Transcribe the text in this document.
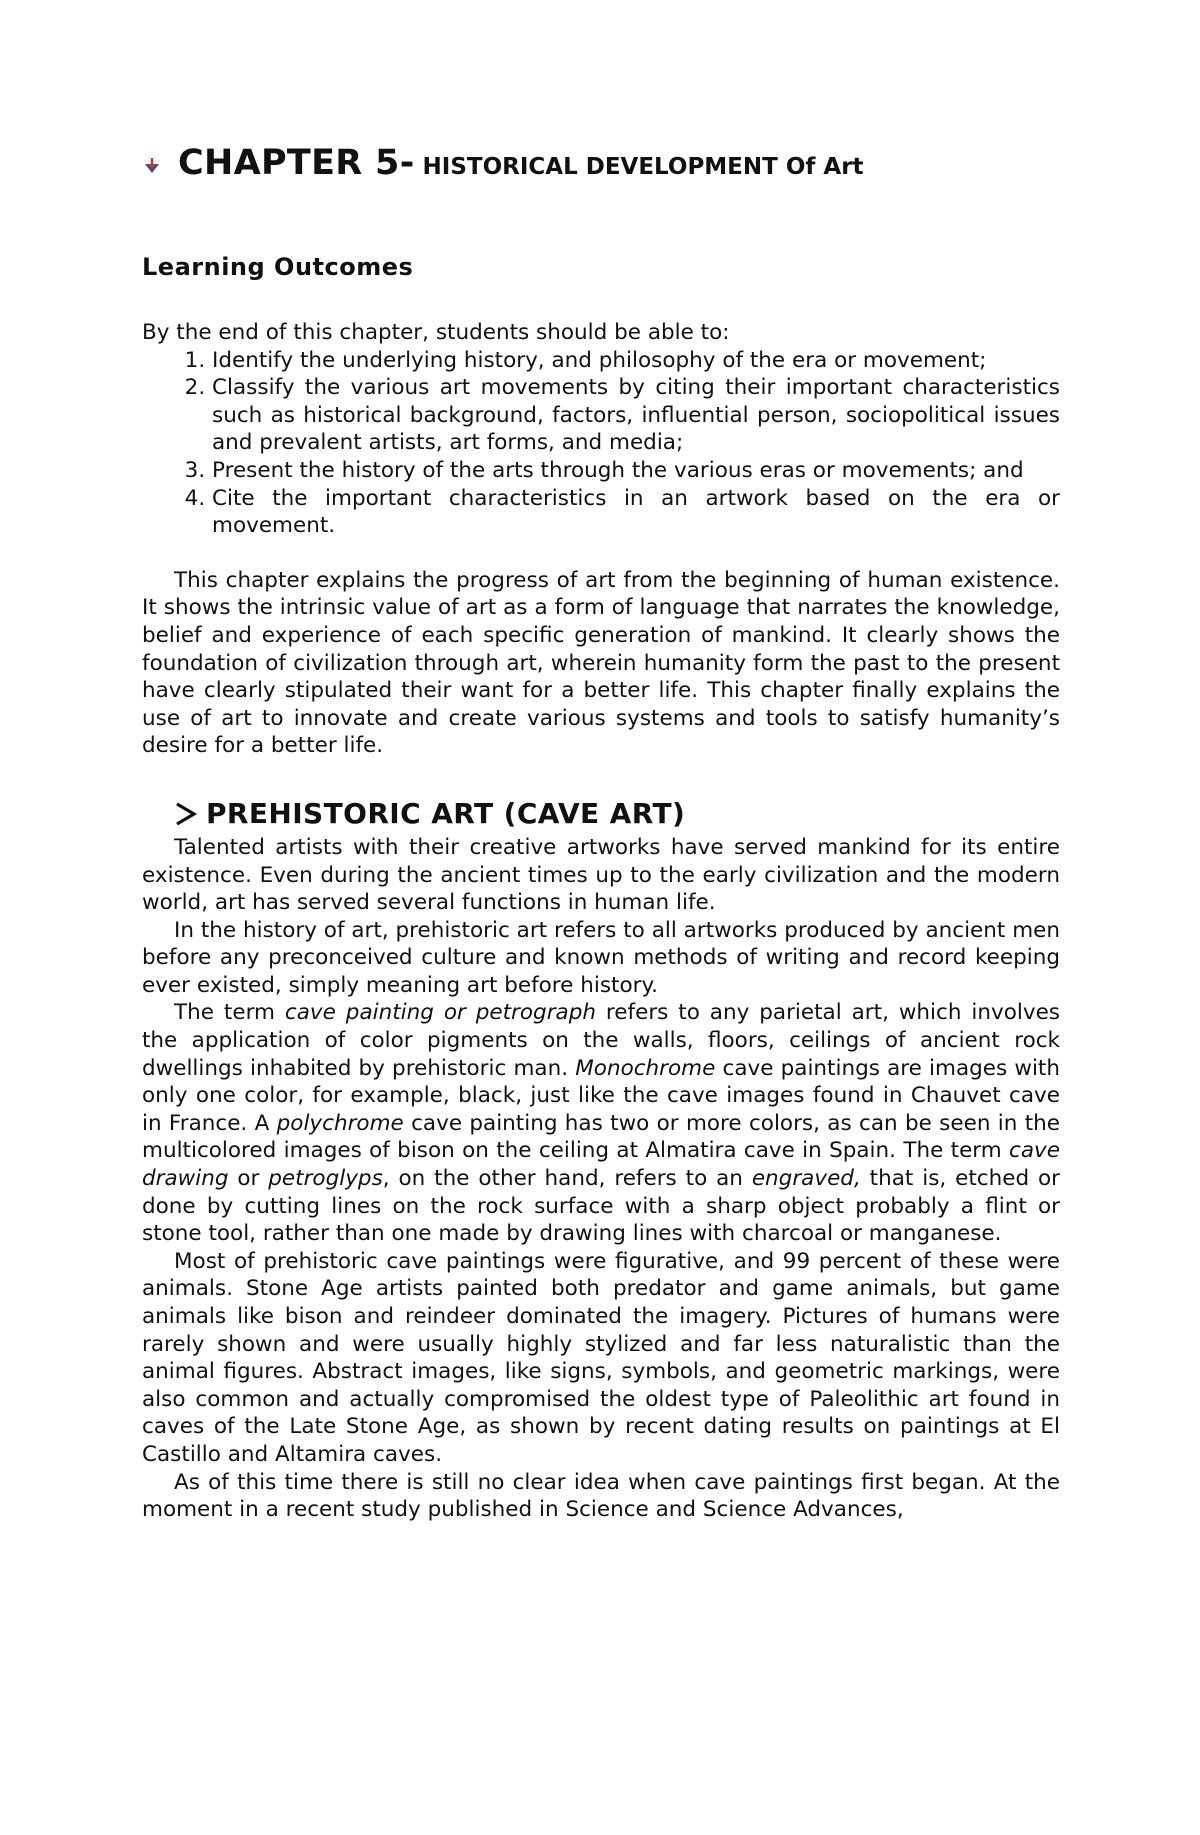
CHAPTER 5- HISTORICAL DEVELOPMENT Of Art
Learning Outcomes
By the end of this chapter, students should be able to:
1. Identify the underlying history, and philosophy of the era or movement;
2. Classify the various art movements by citing their important characteristics such as historical background, factors, influential person, sociopolitical issues and prevalent artists, art forms, and media;
3. Present the history of the arts through the various eras or movements; and
4. Cite the important characteristics in an artwork based on the era or movement.

This chapter explains the progress of art from the beginning of human existence. It shows the intrinsic value of art as a form of language that narrates the knowledge, belief and experience of each specific generation of mankind. It clearly shows the foundation of civilization through art, wherein humanity form the past to the present have clearly stipulated their want for a better life. This chapter finally explains the use of art to innovate and create various systems and tools to satisfy humanity’s desire for a better life.

PREHISTORIC ART (CAVE ART)

Talented artists with their creative artworks have served mankind for its entire existence. Even during the ancient times up to the early civilization and the modern world, art has served several functions in human life.

In the history of art, prehistoric art refers to all artworks produced by ancient men before any preconceived culture and known methods of writing and record keeping ever existed, simply meaning art before history.

The term cave painting or petrograph refers to any parietal art, which involves the application of color pigments on the walls, floors, ceilings of ancient rock dwellings inhabited by prehistoric man. Monochrome cave paintings are images with only one color, for example, black, just like the cave images found in Chauvet cave in France. A polychrome cave painting has two or more colors, as can be seen in the multicolored images of bison on the ceiling at Almatira cave in Spain. The term cave drawing or petroglyps, on the other hand, refers to an engraved, that is, etched or done by cutting lines on the rock surface with a sharp object probably a flint or stone tool, rather than one made by drawing lines with charcoal or manganese.

Most of prehistoric cave paintings were figurative, and 99 percent of these were animals. Stone Age artists painted both predator and game animals, but game animals like bison and reindeer dominated the imagery. Pictures of humans were rarely shown and were usually highly stylized and far less naturalistic than the animal figures. Abstract images, like signs, symbols, and geometric markings, were also common and actually compromised the oldest type of Paleolithic art found in caves of the Late Stone Age, as shown by recent dating results on paintings at El Castillo and Altamira caves.

As of this time there is still no clear idea when cave paintings first began. At the moment in a recent study published in Science and Science Advances,
